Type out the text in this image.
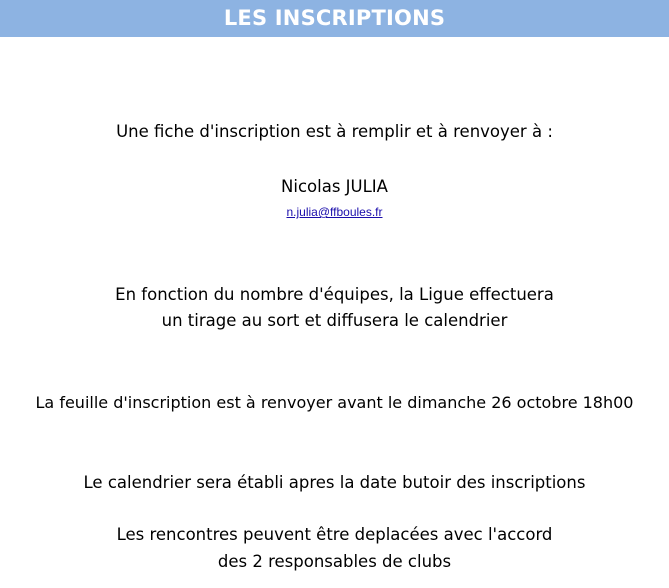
LES INSCRIPTIONS
Une fiche d'inscription est à remplir et à renvoyer à :
Nicolas JULIA
n.julia@ffboules.fr
En fonction du nombre d'équipes, la Ligue effectuera
un tirage au sort et diffusera le calendrier
La feuille d'inscription est à renvoyer avant le dimanche 26 octobre 18h00
Le calendrier sera établi apres la date butoir des inscriptions
Les rencontres peuvent être deplacées avec l'accord
des 2 responsables de clubs
